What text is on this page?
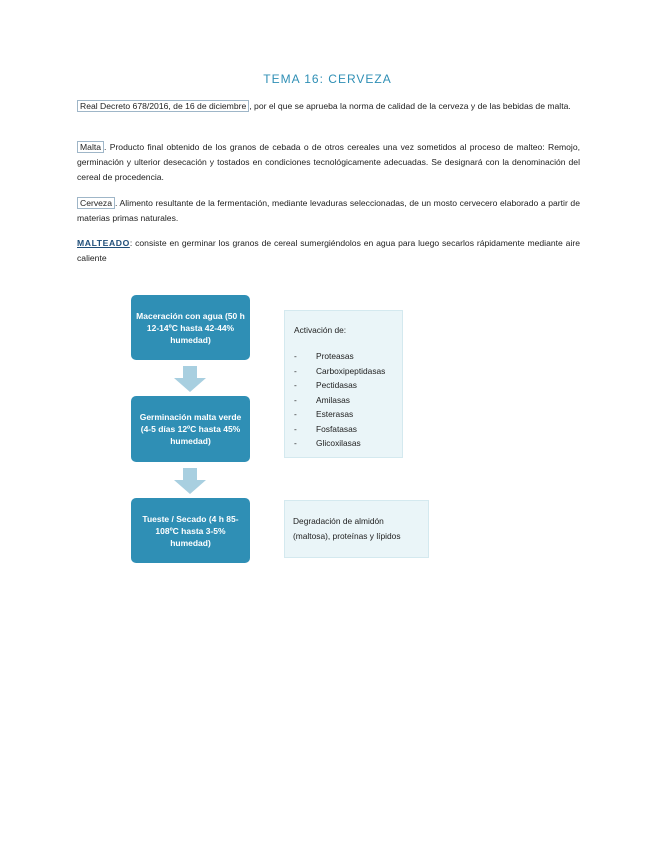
TEMA 16: CERVEZA
Real Decreto 678/2016, de 16 de diciembre , por el que se aprueba la norma de calidad de la cerveza y de las bebidas de malta.
Malta . Producto final obtenido de los granos de cebada o de otros cereales una vez sometidos al proceso de malteo: Remojo, germinación y ulterior desecación y tostados en condiciones tecnológicamente adecuadas. Se designará con la denominación del cereal de procedencia.
Cerveza . Alimento resultante de la fermentación, mediante levaduras seleccionadas, de un mosto cervecero elaborado a partir de materias primas naturales.
MALTEADO: consiste en germinar los granos de cereal sumergiéndolos en agua para luego secarlos rápidamente mediante aire caliente
Maceración con agua (50 h 12-14ºC hasta 42-44% humedad)
Germinación malta verde (4-5 días 12ºC hasta 45% humedad)
Tueste / Secado (4 h 85-108ºC hasta 3-5% humedad)
Activación de:
-	Proteasas
-	Carboxipeptidasas
-	Pectidasas
-	Amilasas
-	Esterasas
-	Fosfatasas
-	Glicoxilasas
Degradación de almidón (maltosa), proteínas y lípidos
